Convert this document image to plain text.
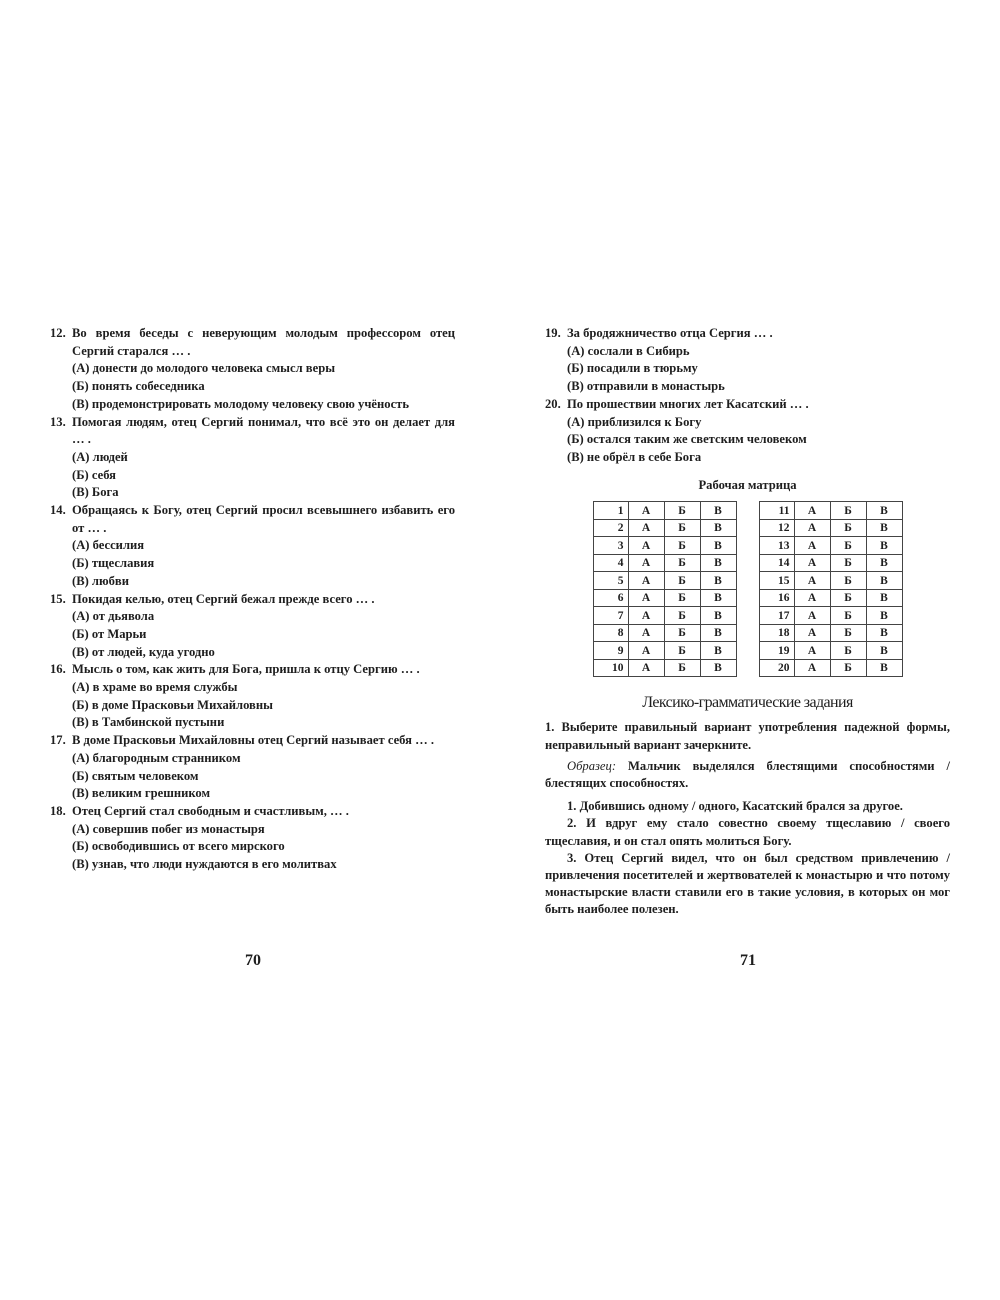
12. Во время беседы с неверующим молодым профессором отец Сергий старался … .
(А) донести до молодого человека смысл веры
(Б) понять собеседника
(В) продемонстрировать молодому человеку свою учёность
13. Помогая людям, отец Сергий понимал, что всё это он делает для … .
(А) людей
(Б) себя
(В) Бога
14. Обращаясь к Богу, отец Сергий просил всевышнего избавить его от … .
(А) бессилия
(Б) тщеславия
(В) любви
15. Покидая келью, отец Сергий бежал прежде всего … .
(А) от дьявола
(Б) от Марьи
(В) от людей, куда угодно
16. Мысль о том, как жить для Бога, пришла к отцу Сергию … .
(А) в храме во время службы
(Б) в доме Прасковьи Михайловны
(В) в Тамбинской пустыни
17. В доме Прасковьи Михайловны отец Сергий называет себя … .
(А) благородным странником
(Б) святым человеком
(В) великим грешником
18. Отец Сергий стал свободным и счастливым, … .
(А) совершив побег из монастыря
(Б) освободившись от всего мирского
(В) узнав, что люди нуждаются в его молитвах
70
19. За бродяжничество отца Сергия … .
(А) сослали в Сибирь
(Б) посадили в тюрьму
(В) отправили в монастырь
20. По прошествии многих лет Касатский … .
(А) приблизился к Богу
(Б) остался таким же светским человеком
(В) не обрёл в себе Бога
Рабочая матрица
1	А	Б	В
2	А	Б	В
3	А	Б	В
4	А	Б	В
5	А	Б	В
6	А	Б	В
7	А	Б	В
8	А	Б	В
9	А	Б	В
10	А	Б	В
11	А	Б	В
12	А	Б	В
13	А	Б	В
14	А	Б	В
15	А	Б	В
16	А	Б	В
17	А	Б	В
18	А	Б	В
19	А	Б	В
20	А	Б	В
Лексико-грамматические задания
1. Выберите правильный вариант употребления падежной формы, неправильный вариант зачеркните.
Образец: Мальчик выделялся блестящими способностями / блестящих способностях.
1. Добившись одному / одного, Касатский брался за другое.
2. И вдруг ему стало совестно своему тщеславию / своего тщеславия, и он стал опять молиться Богу.
3. Отец Сергий видел, что он был средством привлечению / привлечения посетителей и жертвователей к монастырю и что потому монастырские власти ставили его в такие условия, в которых он мог быть наиболее полезен.
71
